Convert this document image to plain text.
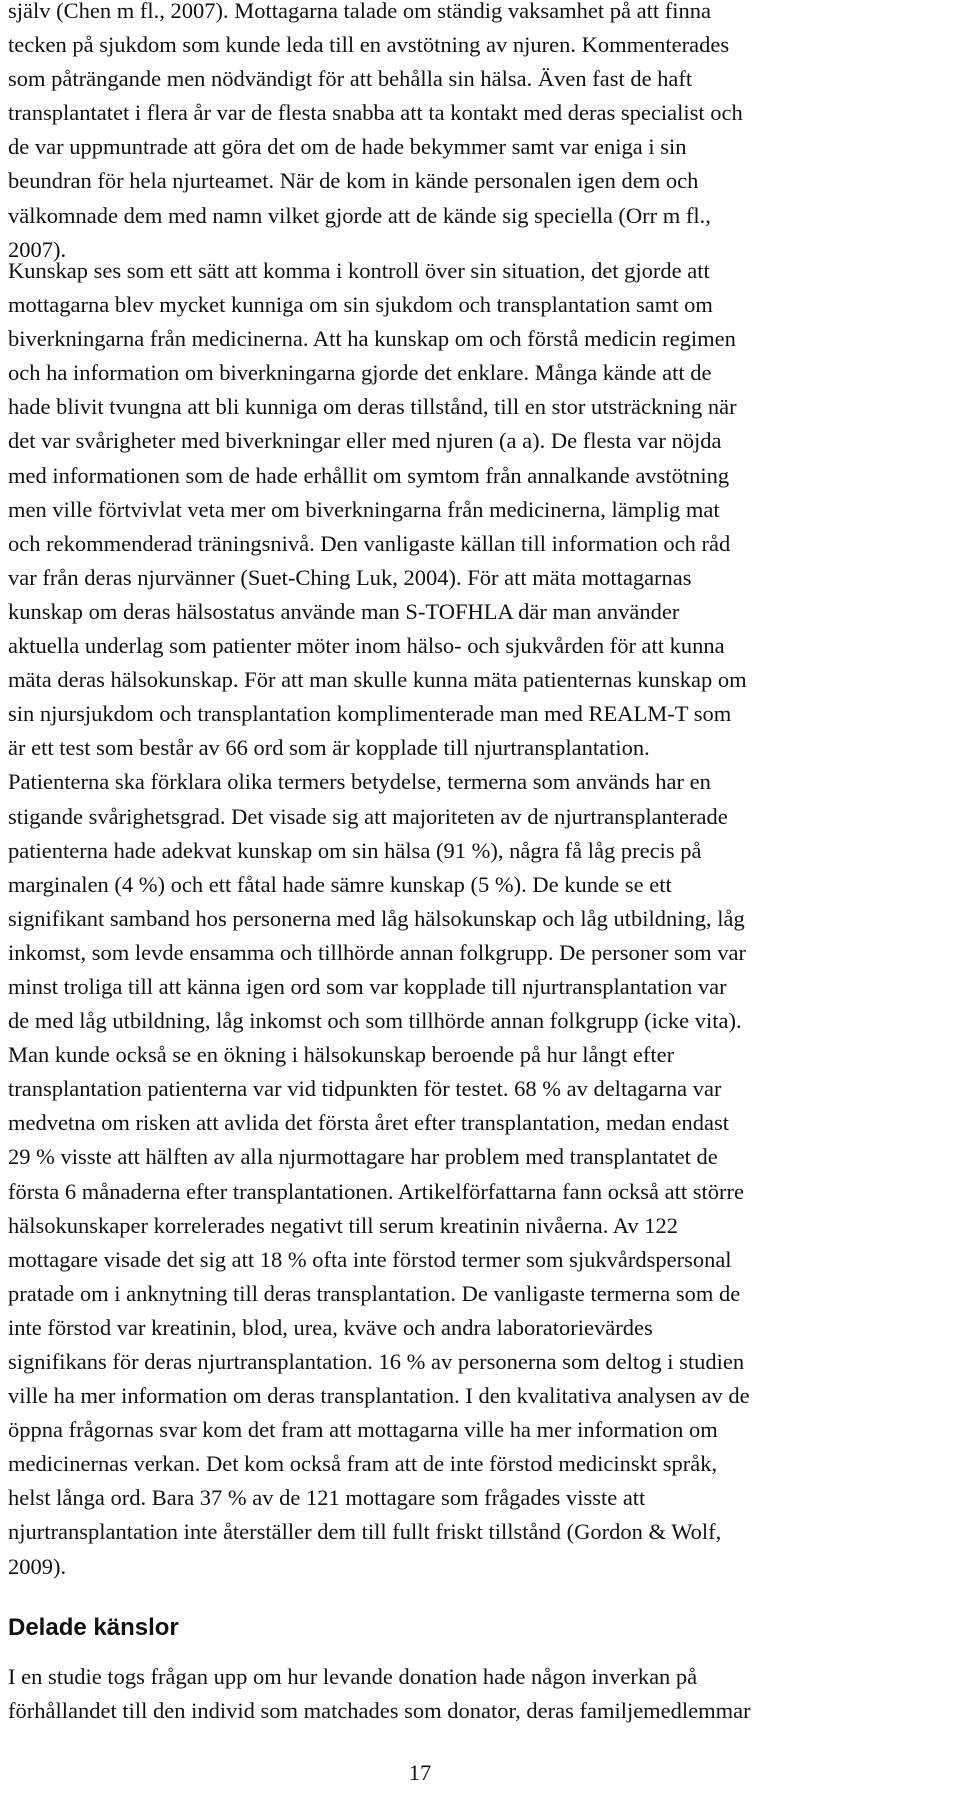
själv (Chen m fl., 2007). Mottagarna talade om ständig vaksamhet på att finna
tecken på sjukdom som kunde leda till en avstötning av njuren. Kommenterades
som påträngande men nödvändigt för att behålla sin hälsa. Även fast de haft
transplantatet i flera år var de flesta snabba att ta kontakt med deras specialist och
de var uppmuntrade att göra det om de hade bekymmer samt var eniga i sin
beundran för hela njurteamet. När de kom in kände personalen igen dem och
välkomnade dem med namn vilket gjorde att de kände sig speciella (Orr m fl.,
2007).

Kunskap ses som ett sätt att komma i kontroll över sin situation, det gjorde att
mottagarna blev mycket kunniga om sin sjukdom och transplantation samt om
biverkningarna från medicinerna. Att ha kunskap om och förstå medicin regimen
och ha information om biverkningarna gjorde det enklare. Många kände att de
hade blivit tvungna att bli kunniga om deras tillstånd, till en stor utsträckning när
det var svårigheter med biverkningar eller med njuren (a a). De flesta var nöjda
med informationen som de hade erhållit om symtom från annalkande avstötning
men ville förtvivlat veta mer om biverkningarna från medicinerna, lämplig mat
och rekommenderad träningsnivå. Den vanligaste källan till information och råd
var från deras njurvänner (Suet-Ching Luk, 2004). För att mäta mottagarnas
kunskap om deras hälsostatus använde man S-TOFHLA där man använder
aktuella underlag som patienter möter inom hälso- och sjukvården för att kunna
mäta deras hälsokunskap. För att man skulle kunna mäta patienternas kunskap om
sin njursjukdom och transplantation komplimenterade man med REALM-T som
är ett test som består av 66 ord som är kopplade till njurtransplantation.
Patienterna ska förklara olika termers betydelse, termerna som används har en
stigande svårighetsgrad. Det visade sig att majoriteten av de njurtransplanterade
patienterna hade adekvat kunskap om sin hälsa (91 %), några få låg precis på
marginalen (4 %) och ett fåtal hade sämre kunskap (5 %). De kunde se ett
signifikant samband hos personerna med låg hälsokunskap och låg utbildning, låg
inkomst, som levde ensamma och tillhörde annan folkgrupp. De personer som var
minst troliga till att känna igen ord som var kopplade till njurtransplantation var
de med låg utbildning, låg inkomst och som tillhörde annan folkgrupp (icke vita).
Man kunde också se en ökning i hälsokunskap beroende på hur långt efter
transplantation patienterna var vid tidpunkten för testet. 68 % av deltagarna var
medvetna om risken att avlida det första året efter transplantation, medan endast
29 % visste att hälften av alla njurmottagare har problem med transplantatet de
första 6 månaderna efter transplantationen. Artikelförfattarna fann också att större
hälsokunskaper korrelerades negativt till serum kreatinin nivåerna. Av 122
mottagare visade det sig att 18 % ofta inte förstod termer som sjukvårdspersonal
pratade om i anknytning till deras transplantation. De vanligaste termerna som de
inte förstod var kreatinin, blod, urea, kväve och andra laboratorievärdes
signifikans för deras njurtransplantation. 16 % av personerna som deltog i studien
ville ha mer information om deras transplantation. I den kvalitativa analysen av de
öppna frågornas svar kom det fram att mottagarna ville ha mer information om
medicinernas verkan. Det kom också fram att de inte förstod medicinskt språk,
helst långa ord. Bara 37 % av de 121 mottagare som frågades visste att
njurtransplantation inte återställer dem till fullt friskt tillstånd (Gordon & Wolf,
2009).

Delade känslor

I en studie togs frågan upp om hur levande donation hade någon inverkan på
förhållandet till den individ som matchades som donator, deras familjemedlemmar

17
